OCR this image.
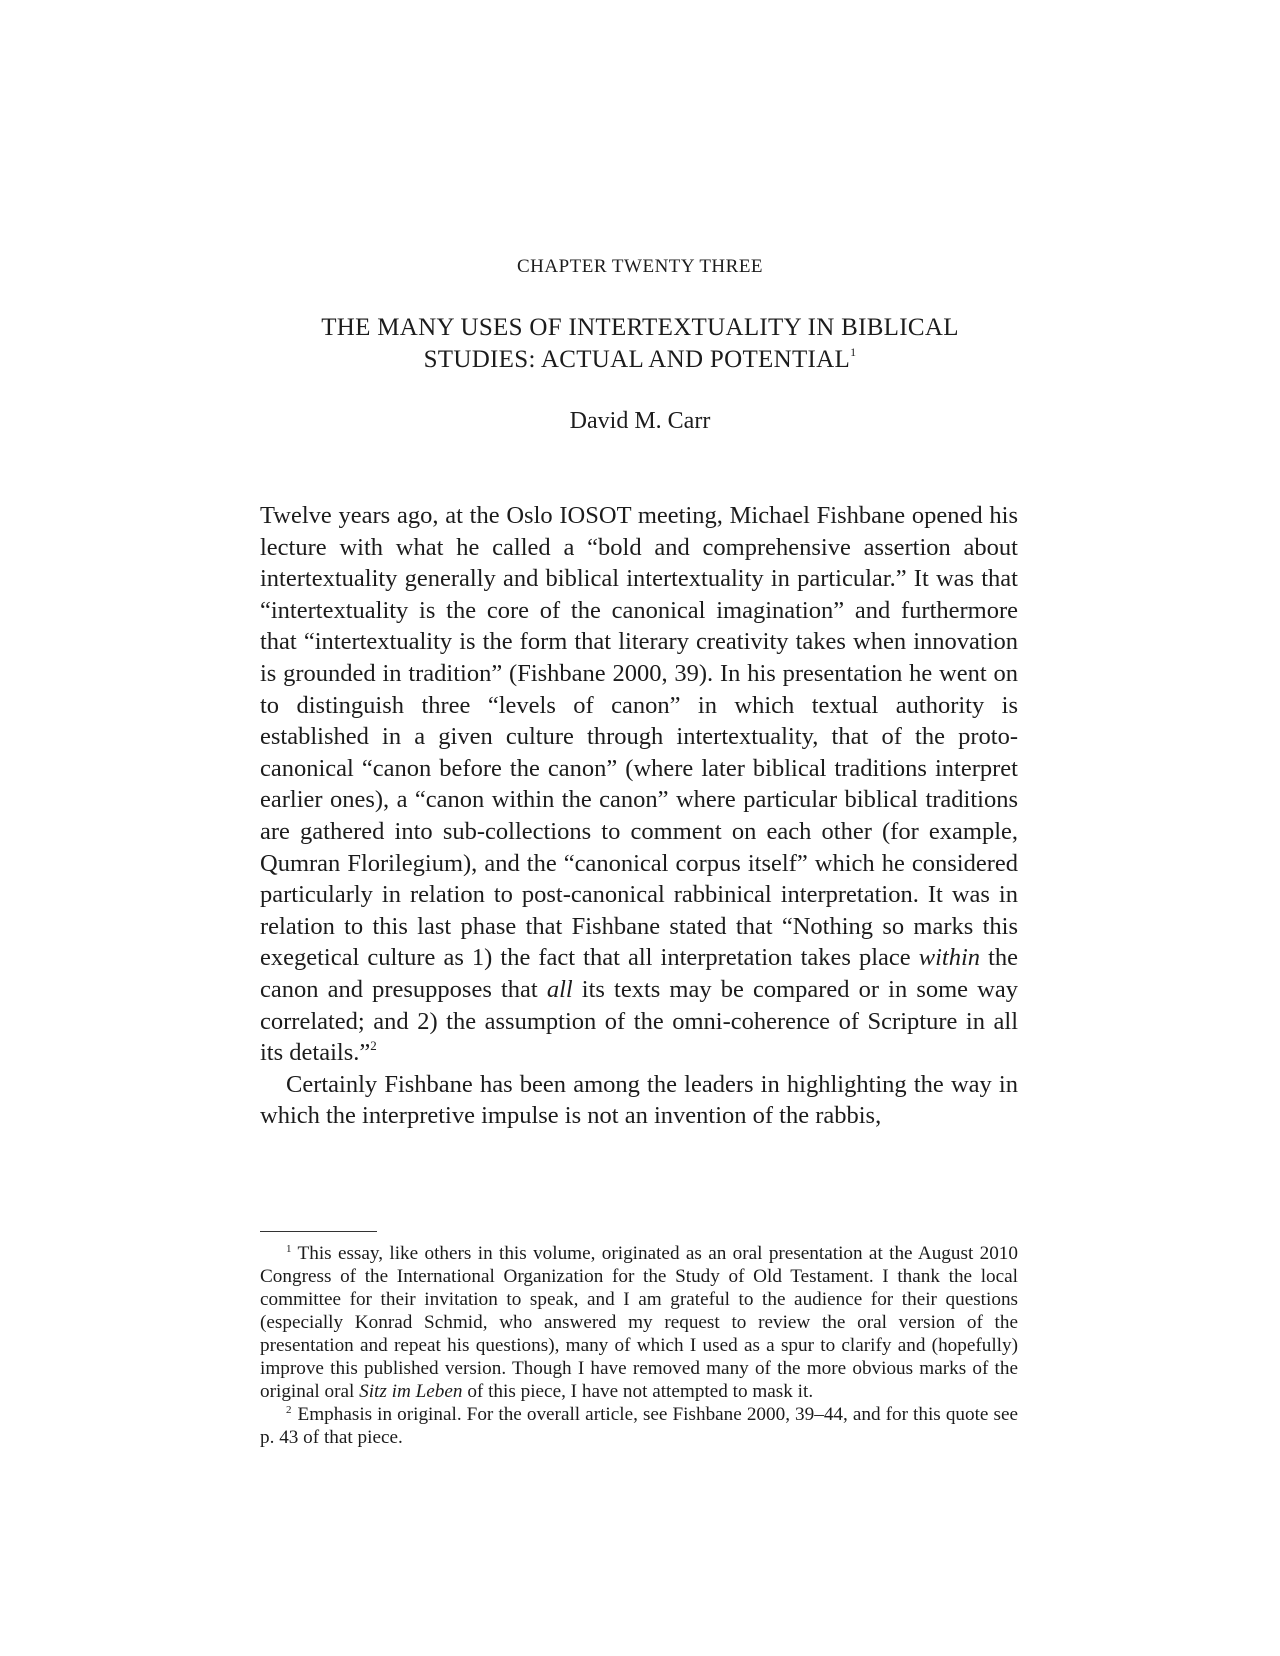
CHAPTER TWENTY THREE
THE MANY USES OF INTERTEXTUALITY IN BIBLICAL
STUDIES: ACTUAL AND POTENTIAL$^1$
David M. Carr

Twelve years ago, at the Oslo IOSOT meeting, Michael Fishbane opened his lecture with what he called a “bold and comprehensive assertion about intertextuality generally and biblical intertextuality in particular.” It was that “intertextuality is the core of the canonical imagination” and furthermore that “intertextuality is the form that literary creativity takes when innovation is grounded in tradition” (Fishbane 2000, 39). In his presentation he went on to distinguish three “levels of canon” in which textual authority is established in a given culture through intertextuality, that of the proto-canonical “canon before the canon” (where later biblical traditions interpret earlier ones), a “canon within the canon” where particular biblical traditions are gathered into sub-collections to comment on each other (for example, Qumran Florilegium), and the “canonical corpus itself” which he considered particularly in relation to post-canonical rabbinical interpretation. It was in relation to this last phase that Fishbane stated that “Nothing so marks this exegetical culture as 1) the fact that all interpretation takes place within the canon and presupposes that all its texts may be compared or in some way correlated; and 2) the assumption of the omni-coherence of Scripture in all its details.”$^2$

Certainly Fishbane has been among the leaders in highlighting the way in which the interpretive impulse is not an invention of the rabbis,

$^1$ This essay, like others in this volume, originated as an oral presentation at the August 2010 Congress of the International Organization for the Study of Old Testament. I thank the local committee for their invitation to speak, and I am grateful to the audience for their questions (especially Konrad Schmid, who answered my request to review the oral version of the presentation and repeat his questions), many of which I used as a spur to clarify and (hopefully) improve this published version. Though I have removed many of the more obvious marks of the original oral Sitz im Leben of this piece, I have not attempted to mask it.

$^2$ Emphasis in original. For the overall article, see Fishbane 2000, 39–44, and for this quote see p. 43 of that piece.
